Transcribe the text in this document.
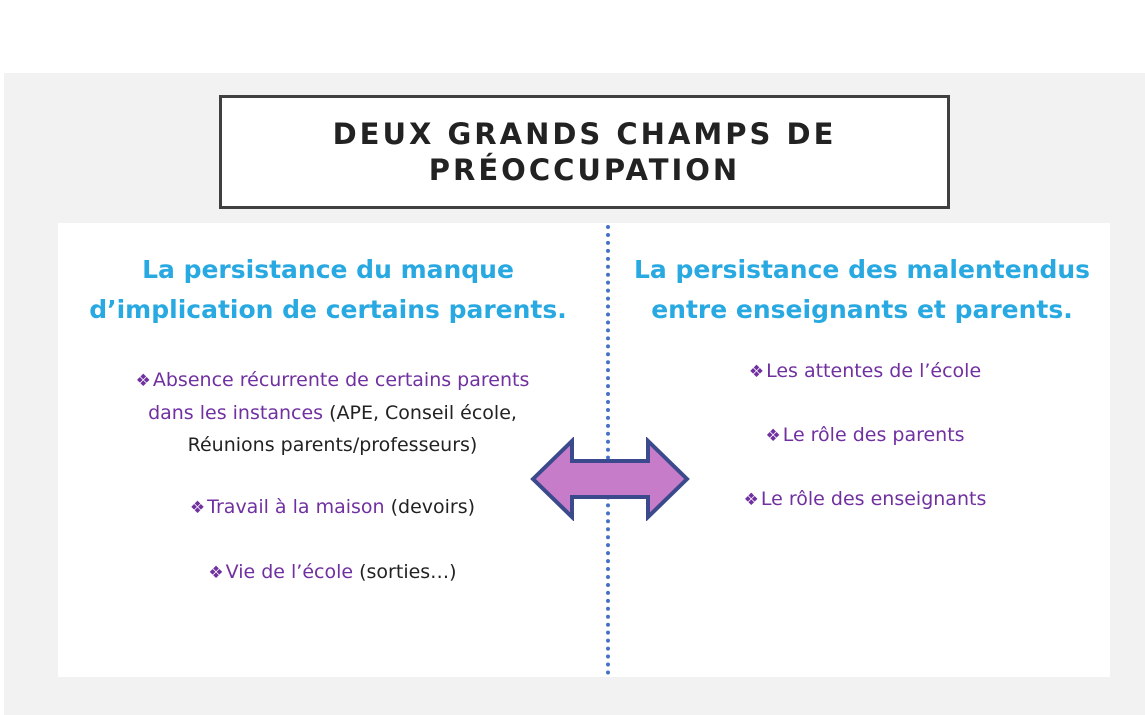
DEUX GRANDS CHAMPS DE
PRÉOCCUPATION
La persistance du manque
d’implication de certains parents.
❖ Absence récurrente de certains parents
dans les instances (APE, Conseil école,
Réunions parents/professeurs)
❖ Travail à la maison (devoirs)
❖ Vie de l’école (sorties…)
La persistance des malentendus
entre enseignants et parents.
❖ Les attentes de l’école
❖ Le rôle des parents
❖ Le rôle des enseignants
